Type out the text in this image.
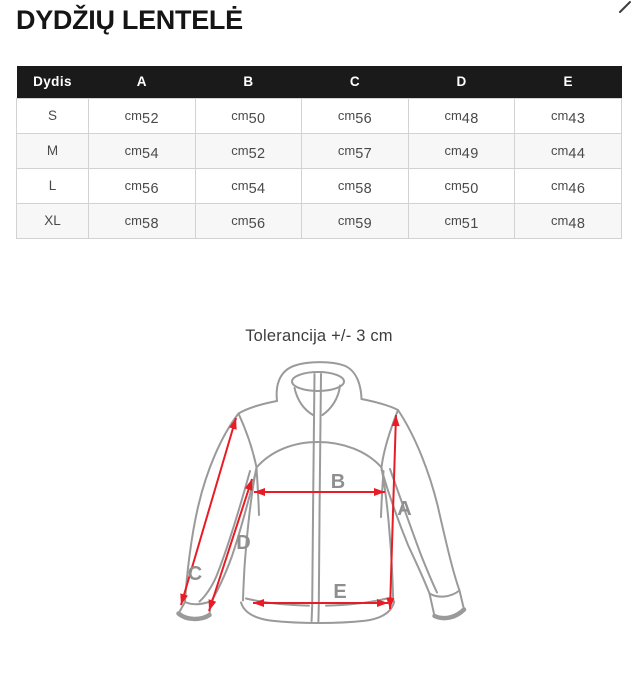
DYDŽIŲ LENTELĖ
Dydis	A	B	C	D	E
S	cm52	cm50	cm56	cm48	cm43
M	cm54	cm52	cm57	cm49	cm44
L	cm56	cm54	cm58	cm50	cm46
XL	cm58	cm56	cm59	cm51	cm48
Tolerancija +/- 3 cm
A
B
C
D
E
